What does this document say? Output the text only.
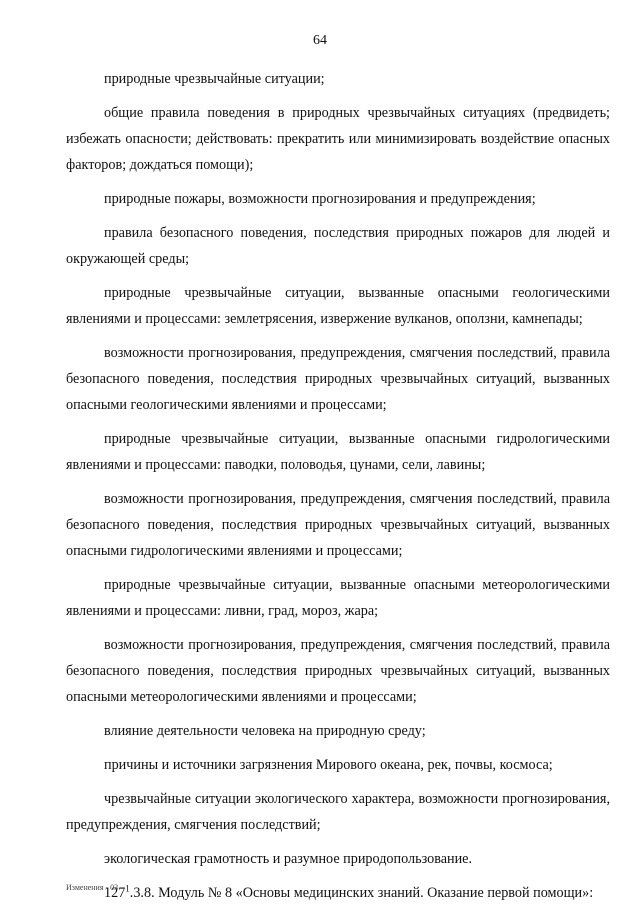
64

природные чрезвычайные ситуации;

общие правила поведения в природных чрезвычайных ситуациях (предвидеть; избежать опасности; действовать: прекратить или минимизировать воздействие опасных факторов; дождаться помощи);

природные пожары, возможности прогнозирования и предупреждения;

правила безопасного поведения, последствия природных пожаров для людей и окружающей среды;

природные чрезвычайные ситуации, вызванные опасными геологическими явлениями и процессами: землетрясения, извержение вулканов, оползни, камнепады;

возможности прогнозирования, предупреждения, смягчения последствий, правила безопасного поведения, последствия природных чрезвычайных ситуаций, вызванных опасными геологическими явлениями и процессами;

природные чрезвычайные ситуации, вызванные опасными гидрологическими явлениями и процессами: паводки, половодья, цунами, сели, лавины;

возможности прогнозирования, предупреждения, смягчения последствий, правила безопасного поведения, последствия природных чрезвычайных ситуаций, вызванных опасными гидрологическими явлениями и процессами;

природные чрезвычайные ситуации, вызванные опасными метеорологическими явлениями и процессами: ливни, град, мороз, жара;

возможности прогнозирования, предупреждения, смягчения последствий, правила безопасного поведения, последствия природных чрезвычайных ситуаций, вызванных опасными метеорологическими явлениями и процессами;

влияние деятельности человека на природную среду;

причины и источники загрязнения Мирового океана, рек, почвы, космоса;

чрезвычайные ситуации экологического характера, возможности прогнозирования, предупреждения, смягчения последствий;

экологическая грамотность и разумное природопользование.

$127^1.3.8$. Модуль № 8 «Основы медицинских знаний. Оказание первой помощи»:

Изменения - 03
